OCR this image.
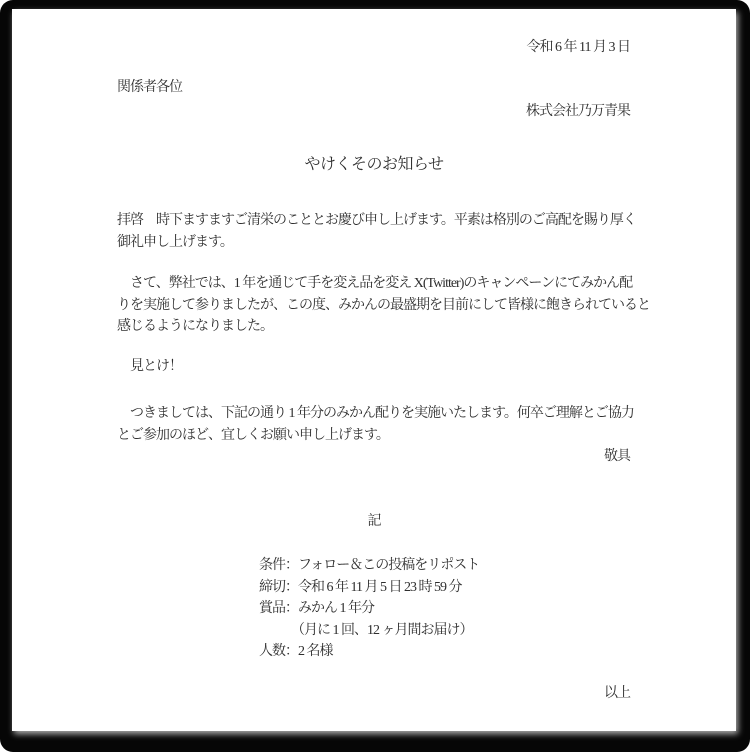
令和 6 年 11 月 3 日
関係者各位
株式会社乃万青果
やけくそのお知らせ
拝啓　時下ますますご清栄のこととお慶び申し上げます。平素は格別のご高配を賜り厚く
御礼申し上げます。
　さて、弊社では、1 年を通じて手を変え品を変え X(Twitter)のキャンペーンにてみかん配
りを実施して参りましたが、この度、みかんの最盛期を目前にして皆様に飽きられていると
感じるようになりました。
　見とけ！
　つきましては、下記の通り 1 年分のみかん配りを実施いたします。何卒ご理解とご協力
とご参加のほど、宜しくお願い申し上げます。
敬具
記
条件：フォロー＆この投稿をリポスト
締切：令和 6 年 11 月 5 日 23 時 59 分
賞品：みかん 1 年分
　　　（月に 1 回、12 ヶ月間お届け）
人数：2 名様
以上
